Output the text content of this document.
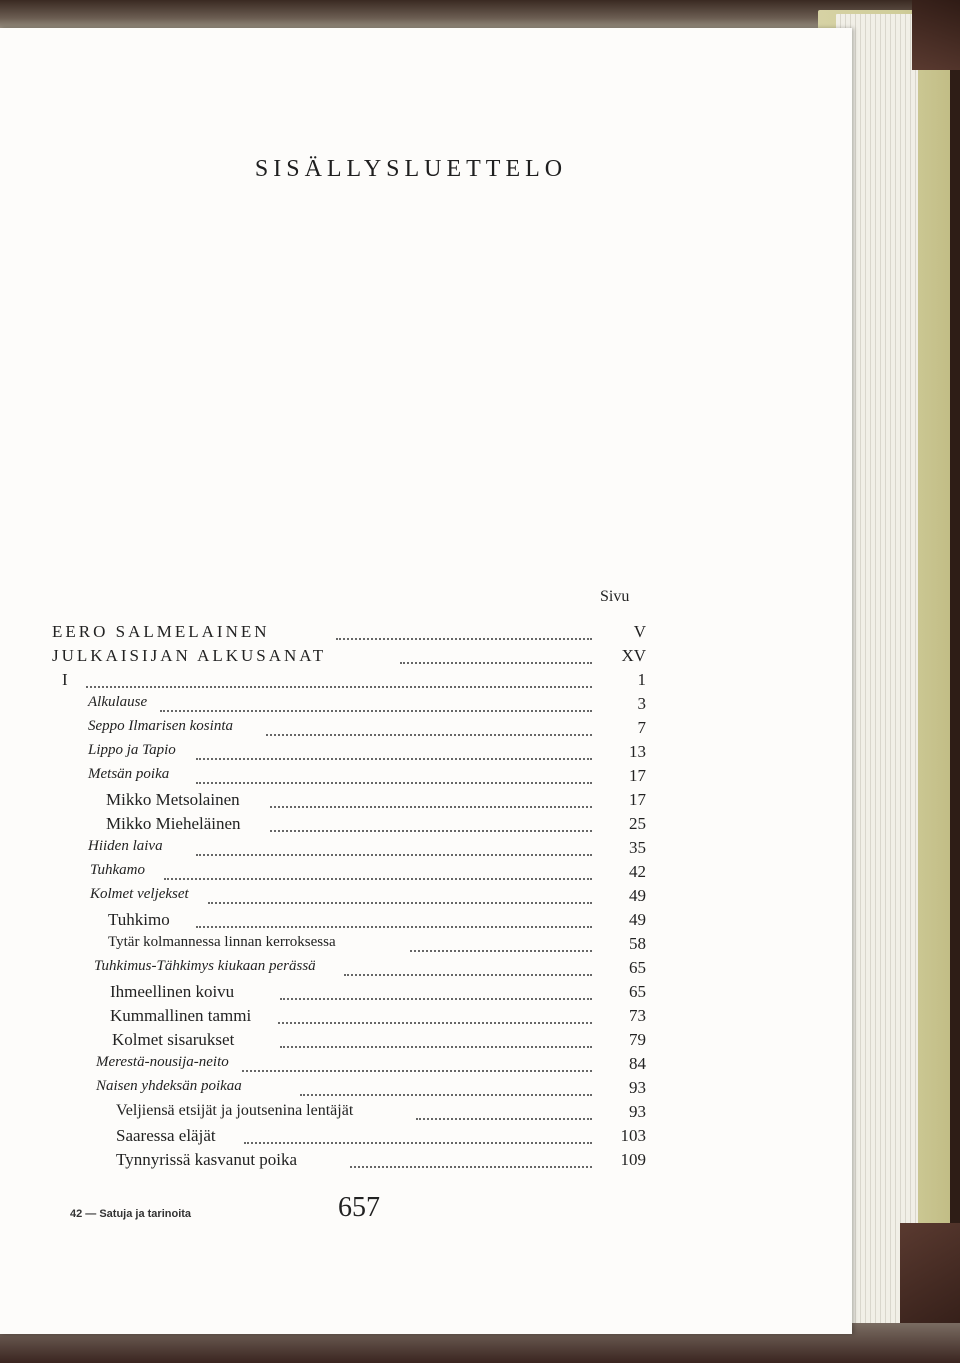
SISÄLLYSLUETTELO
Sivu
EERO SALMELAINEN	V
JULKAISIJAN ALKUSANAT	XV
I	1
Alkulause	3
Seppo Ilmarisen kosinta	7
Lippo ja Tapio	13
Metsän poika	17
Mikko Metsolainen	17
Mikko Mieheläinen	25
Hiiden laiva	35
Tuhkamo	42
Kolmet veljekset	49
Tuhkimo	49
Tytär kolmannessa linnan kerroksessa	58
Tuhkimus-Tähkimys kiukaan perässä	65
Ihmeellinen koivu	65
Kummallinen tammi	73
Kolmet sisarukset	79
Merestä-nousija-neito	84
Naisen yhdeksän poikaa	93
Veljiensä etsijät ja joutsenina lentäjät	93
Saaressa eläjät	103
Tynnyrissä kasvanut poika	109
42 — Satuja ja tarinoita	657
